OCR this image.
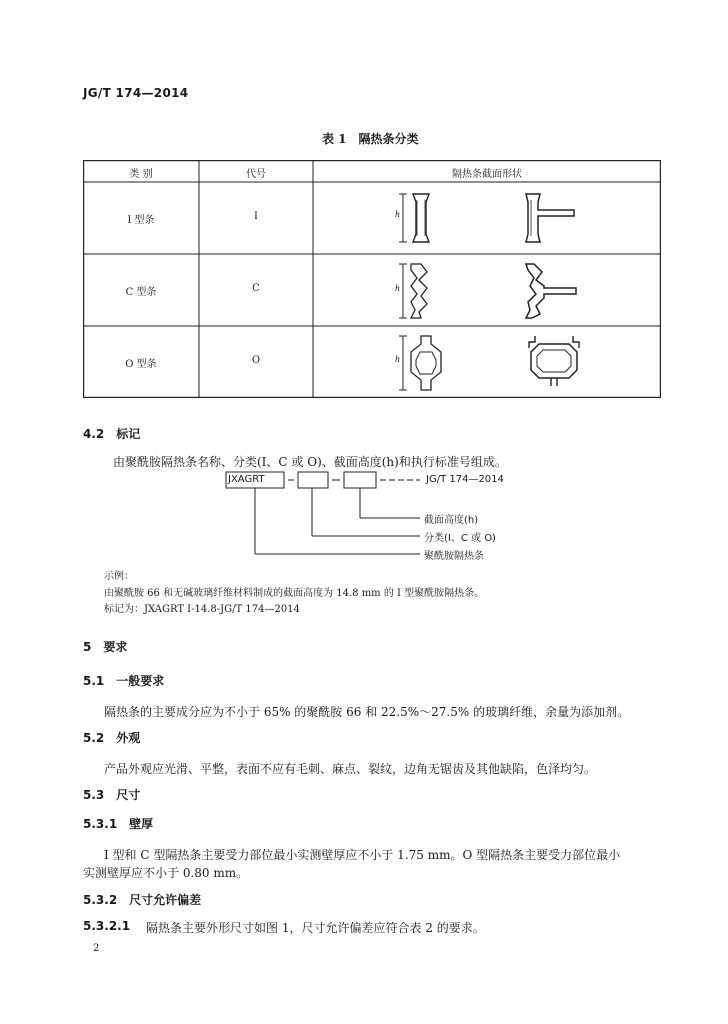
JG/T 174—2014
表 1　隔热条分类
类 别	代号	隔热条截面形状
I 型条	I
C 型条	C
O 型条	O
h
h
h
4.2　标记
由聚酰胺隔热条名称、分类(I、C 或 O)、截面高度(h)和执行标准号组成。
JXAGRT	JG/T 174—2014
截面高度(h)
分类(I、C 或 O)
聚酰胺隔热条
示例：
由聚酰胺 66 和无碱玻璃纤维材料制成的截面高度为 14.8 mm 的 I 型聚酰胺隔热条。
标记为：JXAGRT I-14.8-JG/T 174—2014
5　要求
5.1　一般要求
隔热条的主要成分应为不小于 65% 的聚酰胺 66 和 22.5%～27.5% 的玻璃纤维，余量为添加剂。
5.2　外观
产品外观应光滑、平整，表面不应有毛刺、麻点、裂纹，边角无锯齿及其他缺陷，色泽均匀。
5.3　尺寸
5.3.1　壁厚
I 型和 C 型隔热条主要受力部位最小实测壁厚应不小于 1.75 mm。O 型隔热条主要受力部位最小
实测壁厚应不小于 0.80 mm。
5.3.2　尺寸允许偏差
5.3.2.1 隔热条主要外形尺寸如图 1，尺寸允许偏差应符合表 2 的要求。
2
